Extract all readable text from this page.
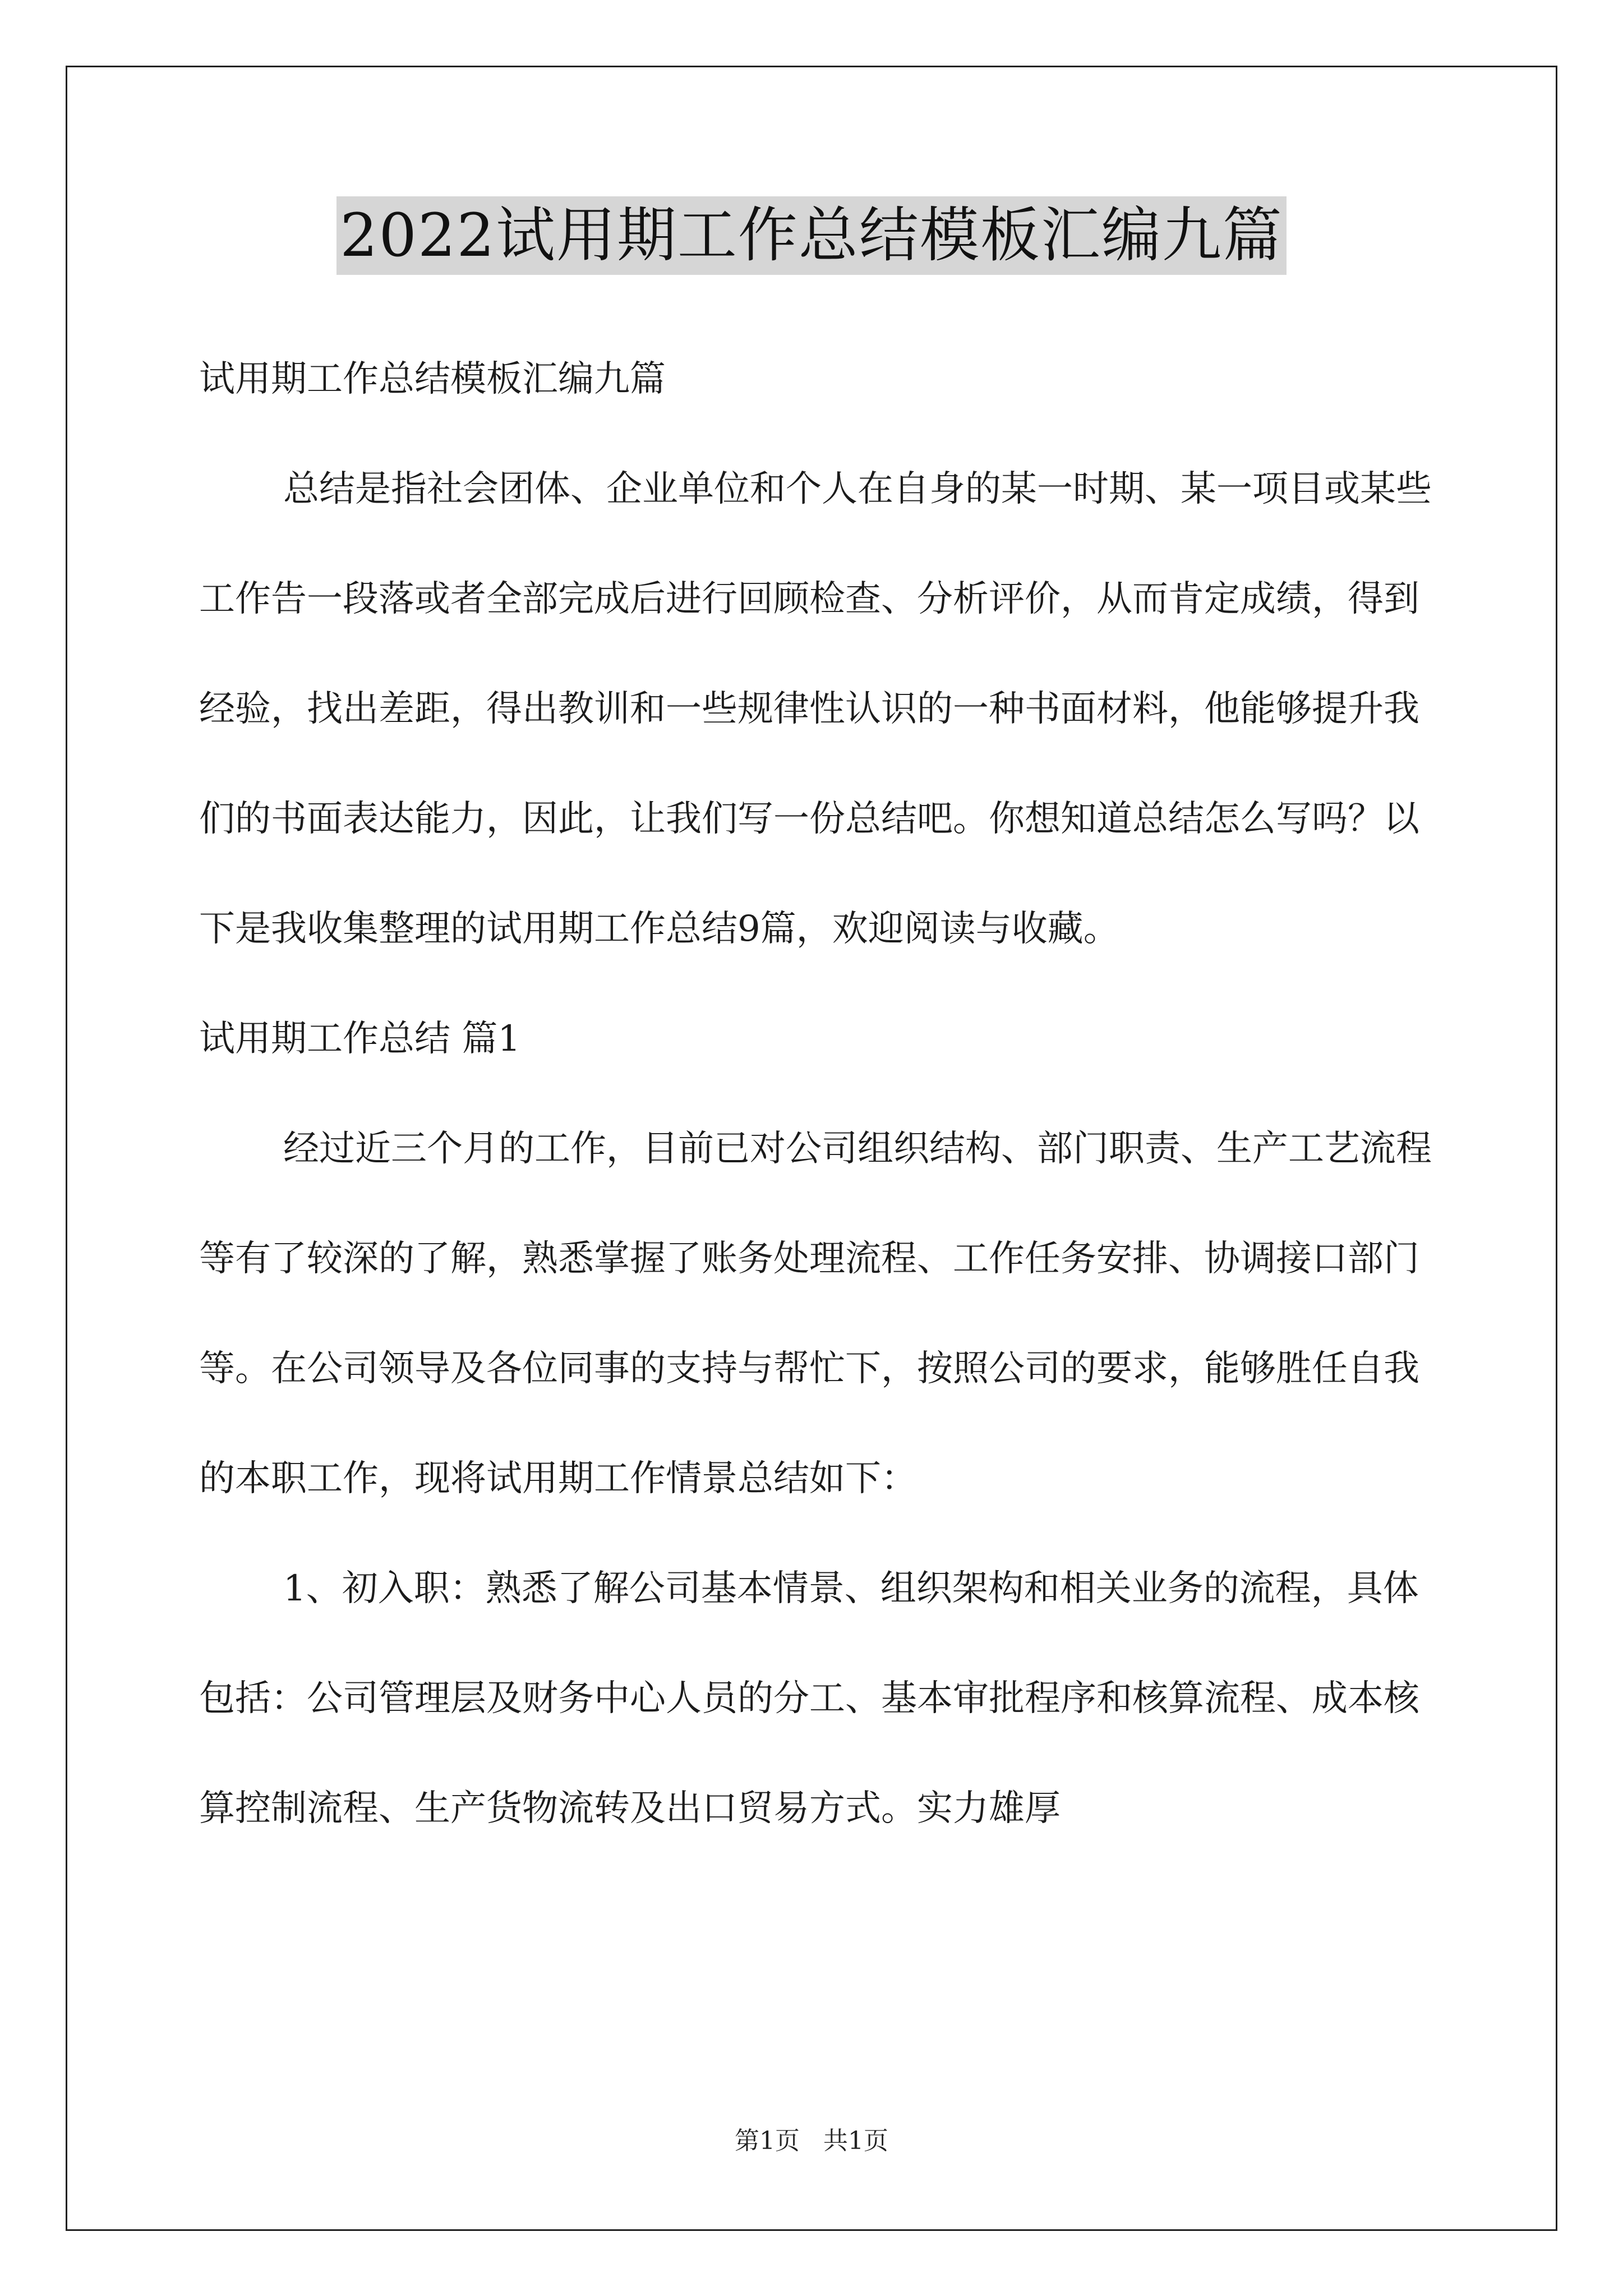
2022试用期工作总结模板汇编九篇

试用期工作总结模板汇编九篇

总结是指社会团体、企业单位和个人在自身的某一时期、某一项目或某些工作告一段落或者全部完成后进行回顾检查、分析评价，从而肯定成绩，得到经验，找出差距，得出教训和一些规律性认识的一种书面材料，他能够提升我们的书面表达能力，因此，让我们写一份总结吧。你想知道总结怎么写吗？以下是我收集整理的试用期工作总结9篇，欢迎阅读与收藏。

试用期工作总结 篇1

经过近三个月的工作，目前已对公司组织结构、部门职责、生产工艺流程等有了较深的了解，熟悉掌握了账务处理流程、工作任务安排、协调接口部门等。在公司领导及各位同事的支持与帮忙下，按照公司的要求，能够胜任自我的本职工作，现将试用期工作情景总结如下：

1、初入职：熟悉了解公司基本情景、组织架构和相关业务的流程，具体包括：公司管理层及财务中心人员的分工、基本审批程序和核算流程、成本核算控制流程、生产货物流转及出口贸易方式。实力雄厚

第1页 共1页
